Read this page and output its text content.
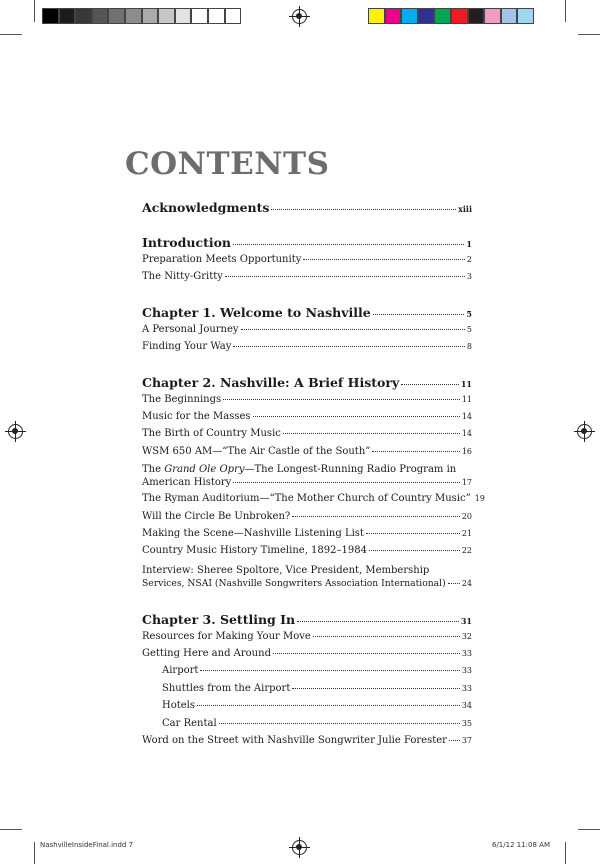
CONTENTS
Acknowledgments	xiii
Introduction	1
Preparation Meets Opportunity	2
The Nitty-Gritty	3
Chapter 1. Welcome to Nashville	5
A Personal Journey	5
Finding Your Way	8
Chapter 2. Nashville: A Brief History	11
The Beginnings	11
Music for the Masses	14
The Birth of Country Music	14
WSM 650 AM—“The Air Castle of the South”	16
The Grand Ole Opry—The Longest-Running Radio Program in
American History	17
The Ryman Auditorium—“The Mother Church of Country Music” 19
Will the Circle Be Unbroken?	20
Making the Scene—Nashville Listening List	21
Country Music History Timeline, 1892–1984	22
Interview: Sheree Spoltore, Vice President, Membership
Services, NSAI (Nashville Songwriters Association International) 24
Chapter 3. Settling In	31
Resources for Making Your Move	32
Getting Here and Around	33
Airport	33
Shuttles from the Airport	33
Hotels	34
Car Rental	35
Word on the Street with Nashville Songwriter Julie Forester 37
NashvilleInsideFinal.indd 7	6/1/12 11:08 AM
